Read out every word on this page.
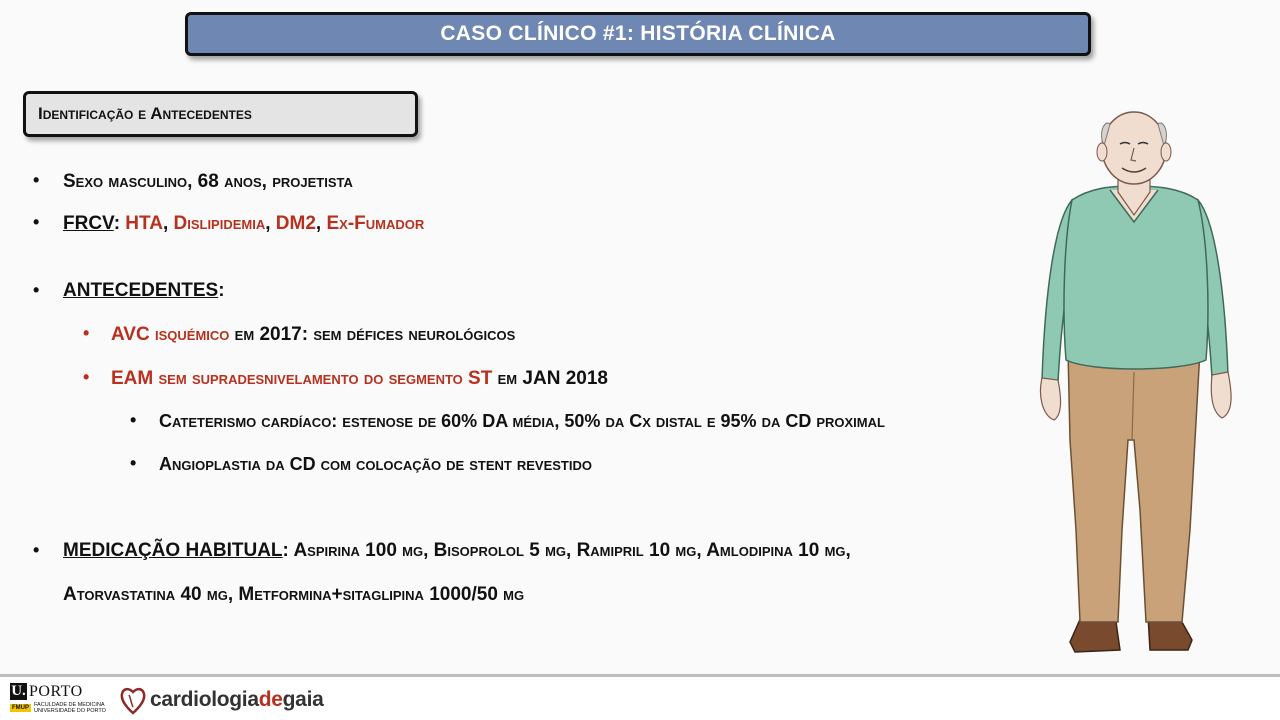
CASO CLÍNICO #1: HISTÓRIA CLÍNICA
Identificação e Antecedentes
• Sexo masculino, 68 anos, projetista
• FRCV: HTA, Dislipidemia, DM2, Ex-Fumador
• ANTECEDENTES:
• AVC isquémico em 2017: sem défices neurológicos
• EAM sem supradesnivelamento do segmento ST em JAN 2018
• Cateterismo cardíaco: estenose de 60% DA média, 50% da Cx distal e 95% da CD proximal
• Angioplastia da CD com colocação de stent revestido
• MEDICAÇÃO HABITUAL: Aspirina 100 mg, Bisoprolol 5 mg, Ramipril 10 mg, Amlodipina 10 mg,
Atorvastatina 40 mg, Metformina+sitaglipina 1000/50 mg
U. PORTO
FMUP FACULDADE DE MEDICINA
UNIVERSIDADE DO PORTO cardiologiadegaia
